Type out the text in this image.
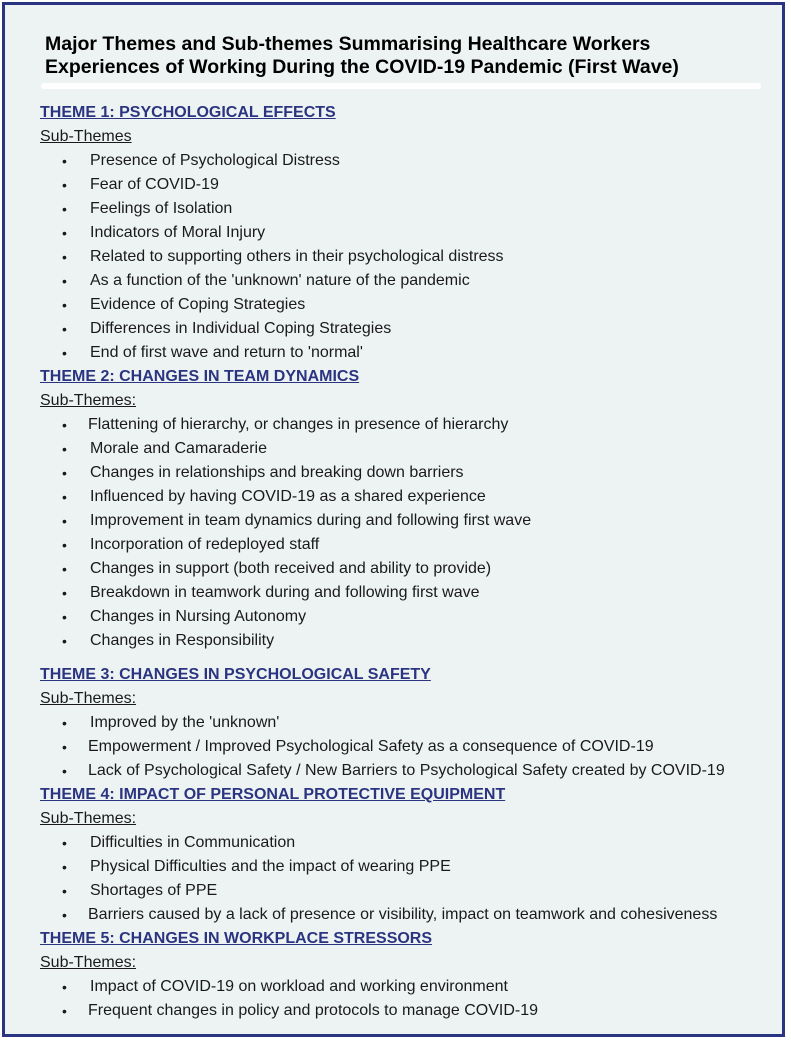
Major Themes and Sub-themes Summarising Healthcare Workers Experiences of Working During the COVID-19 Pandemic (First Wave)
THEME 1: PSYCHOLOGICAL EFFECTS
Sub-Themes
• Presence of Psychological Distress
• Fear of COVID-19
• Feelings of Isolation
• Indicators of Moral Injury
• Related to supporting others in their psychological distress
• As a function of the 'unknown' nature of the pandemic
• Evidence of Coping Strategies
• Differences in Individual Coping Strategies
• End of first wave and return to 'normal'
THEME 2: CHANGES IN TEAM DYNAMICS
Sub-Themes:
• Flattening of hierarchy, or changes in presence of hierarchy
• Morale and Camaraderie
• Changes in relationships and breaking down barriers
• Influenced by having COVID-19 as a shared experience
• Improvement in team dynamics during and following first wave
• Incorporation of redeployed staff
• Changes in support (both received and ability to provide)
• Breakdown in teamwork during and following first wave
• Changes in Nursing Autonomy
• Changes in Responsibility
THEME 3: CHANGES IN PSYCHOLOGICAL SAFETY
Sub-Themes:
• Improved by the 'unknown'
• Empowerment / Improved Psychological Safety as a consequence of COVID-19
• Lack of Psychological Safety / New Barriers to Psychological Safety created by COVID-19
THEME 4: IMPACT OF PERSONAL PROTECTIVE EQUIPMENT
Sub-Themes:
• Difficulties in Communication
• Physical Difficulties and the impact of wearing PPE
• Shortages of PPE
• Barriers caused by a lack of presence or visibility, impact on teamwork and cohesiveness
THEME 5: CHANGES IN WORKPLACE STRESSORS
Sub-Themes:
• Impact of COVID-19 on workload and working environment
• Frequent changes in policy and protocols to manage COVID-19
